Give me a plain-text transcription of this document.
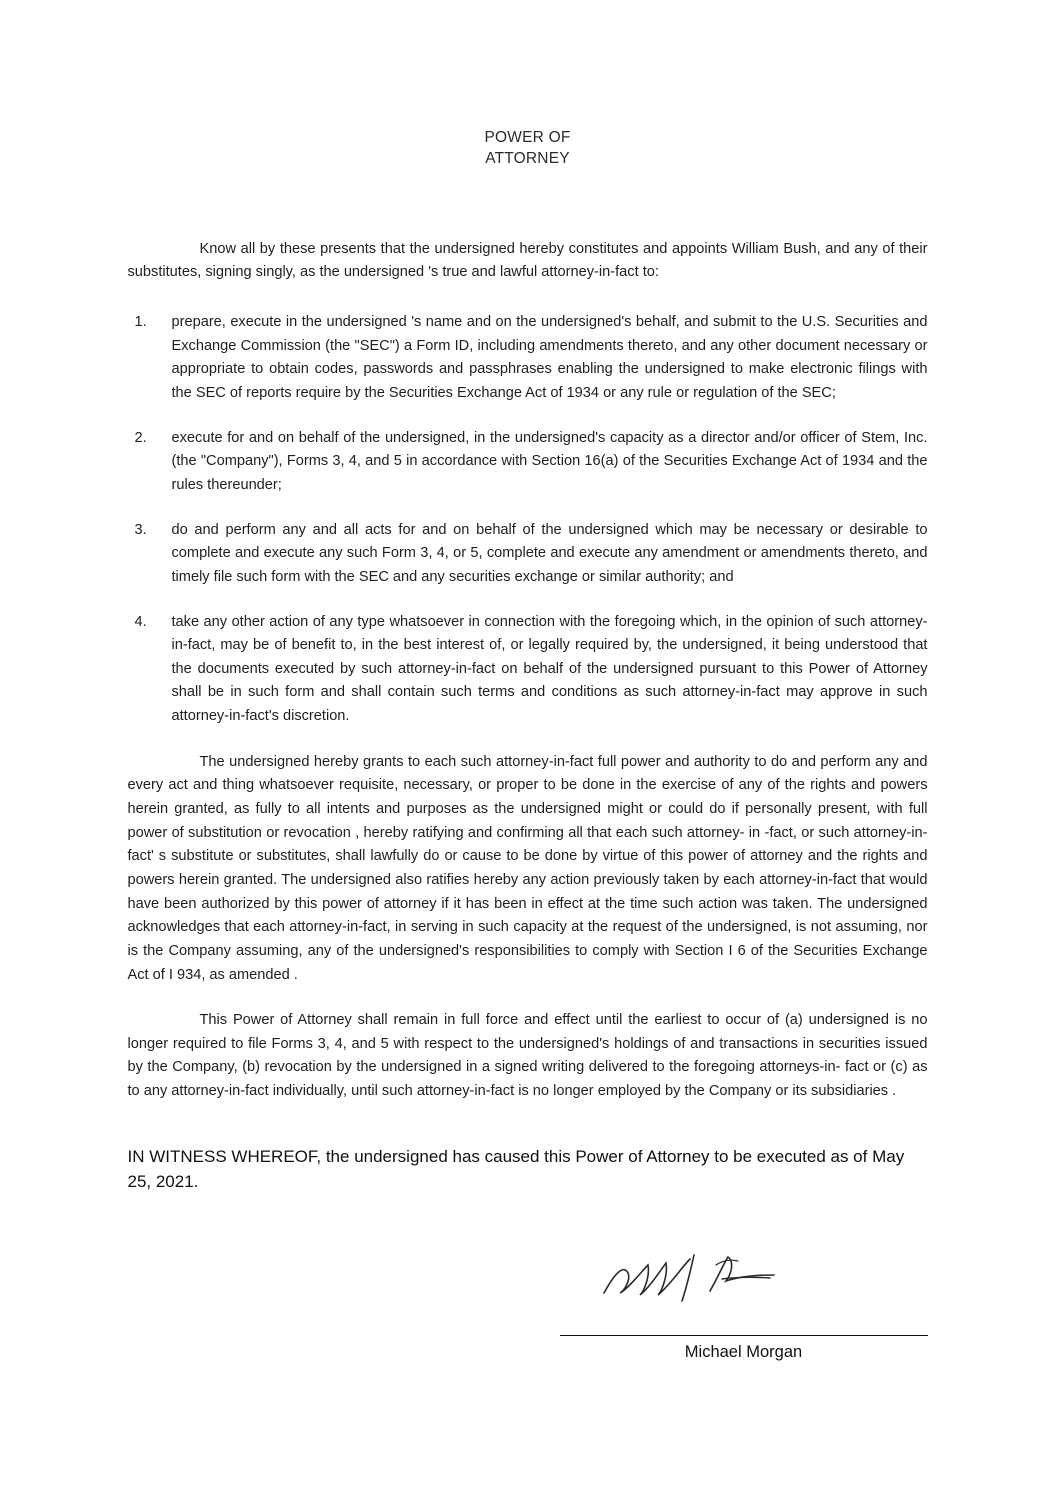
POWER OF
ATTORNEY

Know all by these presents that the undersigned hereby constitutes and appoints William Bush, and any of their substitutes, signing singly, as the undersigned 's true and lawful attorney-in-fact to:

1.	prepare, execute in the undersigned 's name and on the undersigned's behalf, and submit to the U.S. Securities and Exchange Commission (the "SEC") a Form ID, including amendments thereto, and any other document necessary or appropriate to obtain codes, passwords and passphrases enabling the undersigned to make electronic filings with the SEC of reports require by the Securities Exchange Act of 1934 or any rule or regulation of the SEC;
2.	execute for and on behalf of the undersigned, in the undersigned's capacity as a director and/or officer of Stem, Inc. (the "Company"), Forms 3, 4, and 5 in accordance with Section 16(a) of the Securities Exchange Act of 1934 and the rules thereunder;
3.	do and perform any and all acts for and on behalf of the undersigned which may be necessary or desirable to complete and execute any such Form 3, 4, or 5, complete and execute any amendment or amendments thereto, and timely file such form with the SEC and any securities exchange or similar authority; and
4.	take any other action of any type whatsoever in connection with the foregoing which, in the opinion of such attorney-in-fact, may be of benefit to, in the best interest of, or legally required by, the undersigned, it being understood that the documents executed by such attorney-in-fact on behalf of the undersigned pursuant to this Power of Attorney shall be in such form and shall contain such terms and conditions as such attorney-in-fact may approve in such attorney-in-fact's discretion.

The undersigned hereby grants to each such attorney-in-fact full power and authority to do and perform any and every act and thing whatsoever requisite, necessary, or proper to be done in the exercise of any of the rights and powers herein granted, as fully to all intents and purposes as the undersigned might or could do if personally present, with full power of substitution or revocation , hereby ratifying and confirming all that each such attorney- in -fact, or such attorney-in-fact' s substitute or substitutes, shall lawfully do or cause to be done by virtue of this power of attorney and the rights and powers herein granted. The undersigned also ratifies hereby any action previously taken by each attorney-in-fact that would have been authorized by this power of attorney if it has been in effect at the time such action was taken. The undersigned acknowledges that each attorney-in-fact, in serving in such capacity at the request of the undersigned, is not assuming, nor is the Company assuming, any of the undersigned's responsibilities to comply with Section I 6 of the Securities Exchange Act of I 934, as amended .

This Power of Attorney shall remain in full force and effect until the earliest to occur of (a) undersigned is no longer required to file Forms 3, 4, and 5 with respect to the undersigned's holdings of and transactions in securities issued by the Company, (b) revocation by the undersigned in a signed writing delivered to the foregoing attorneys-in- fact or (c) as to any attorney-in-fact individually, until such attorney-in-fact is no longer employed by the Company or its subsidiaries .

IN WITNESS WHEREOF, the undersigned has caused this Power of Attorney to be executed as of May 25, 2021.
Michael Morgan
